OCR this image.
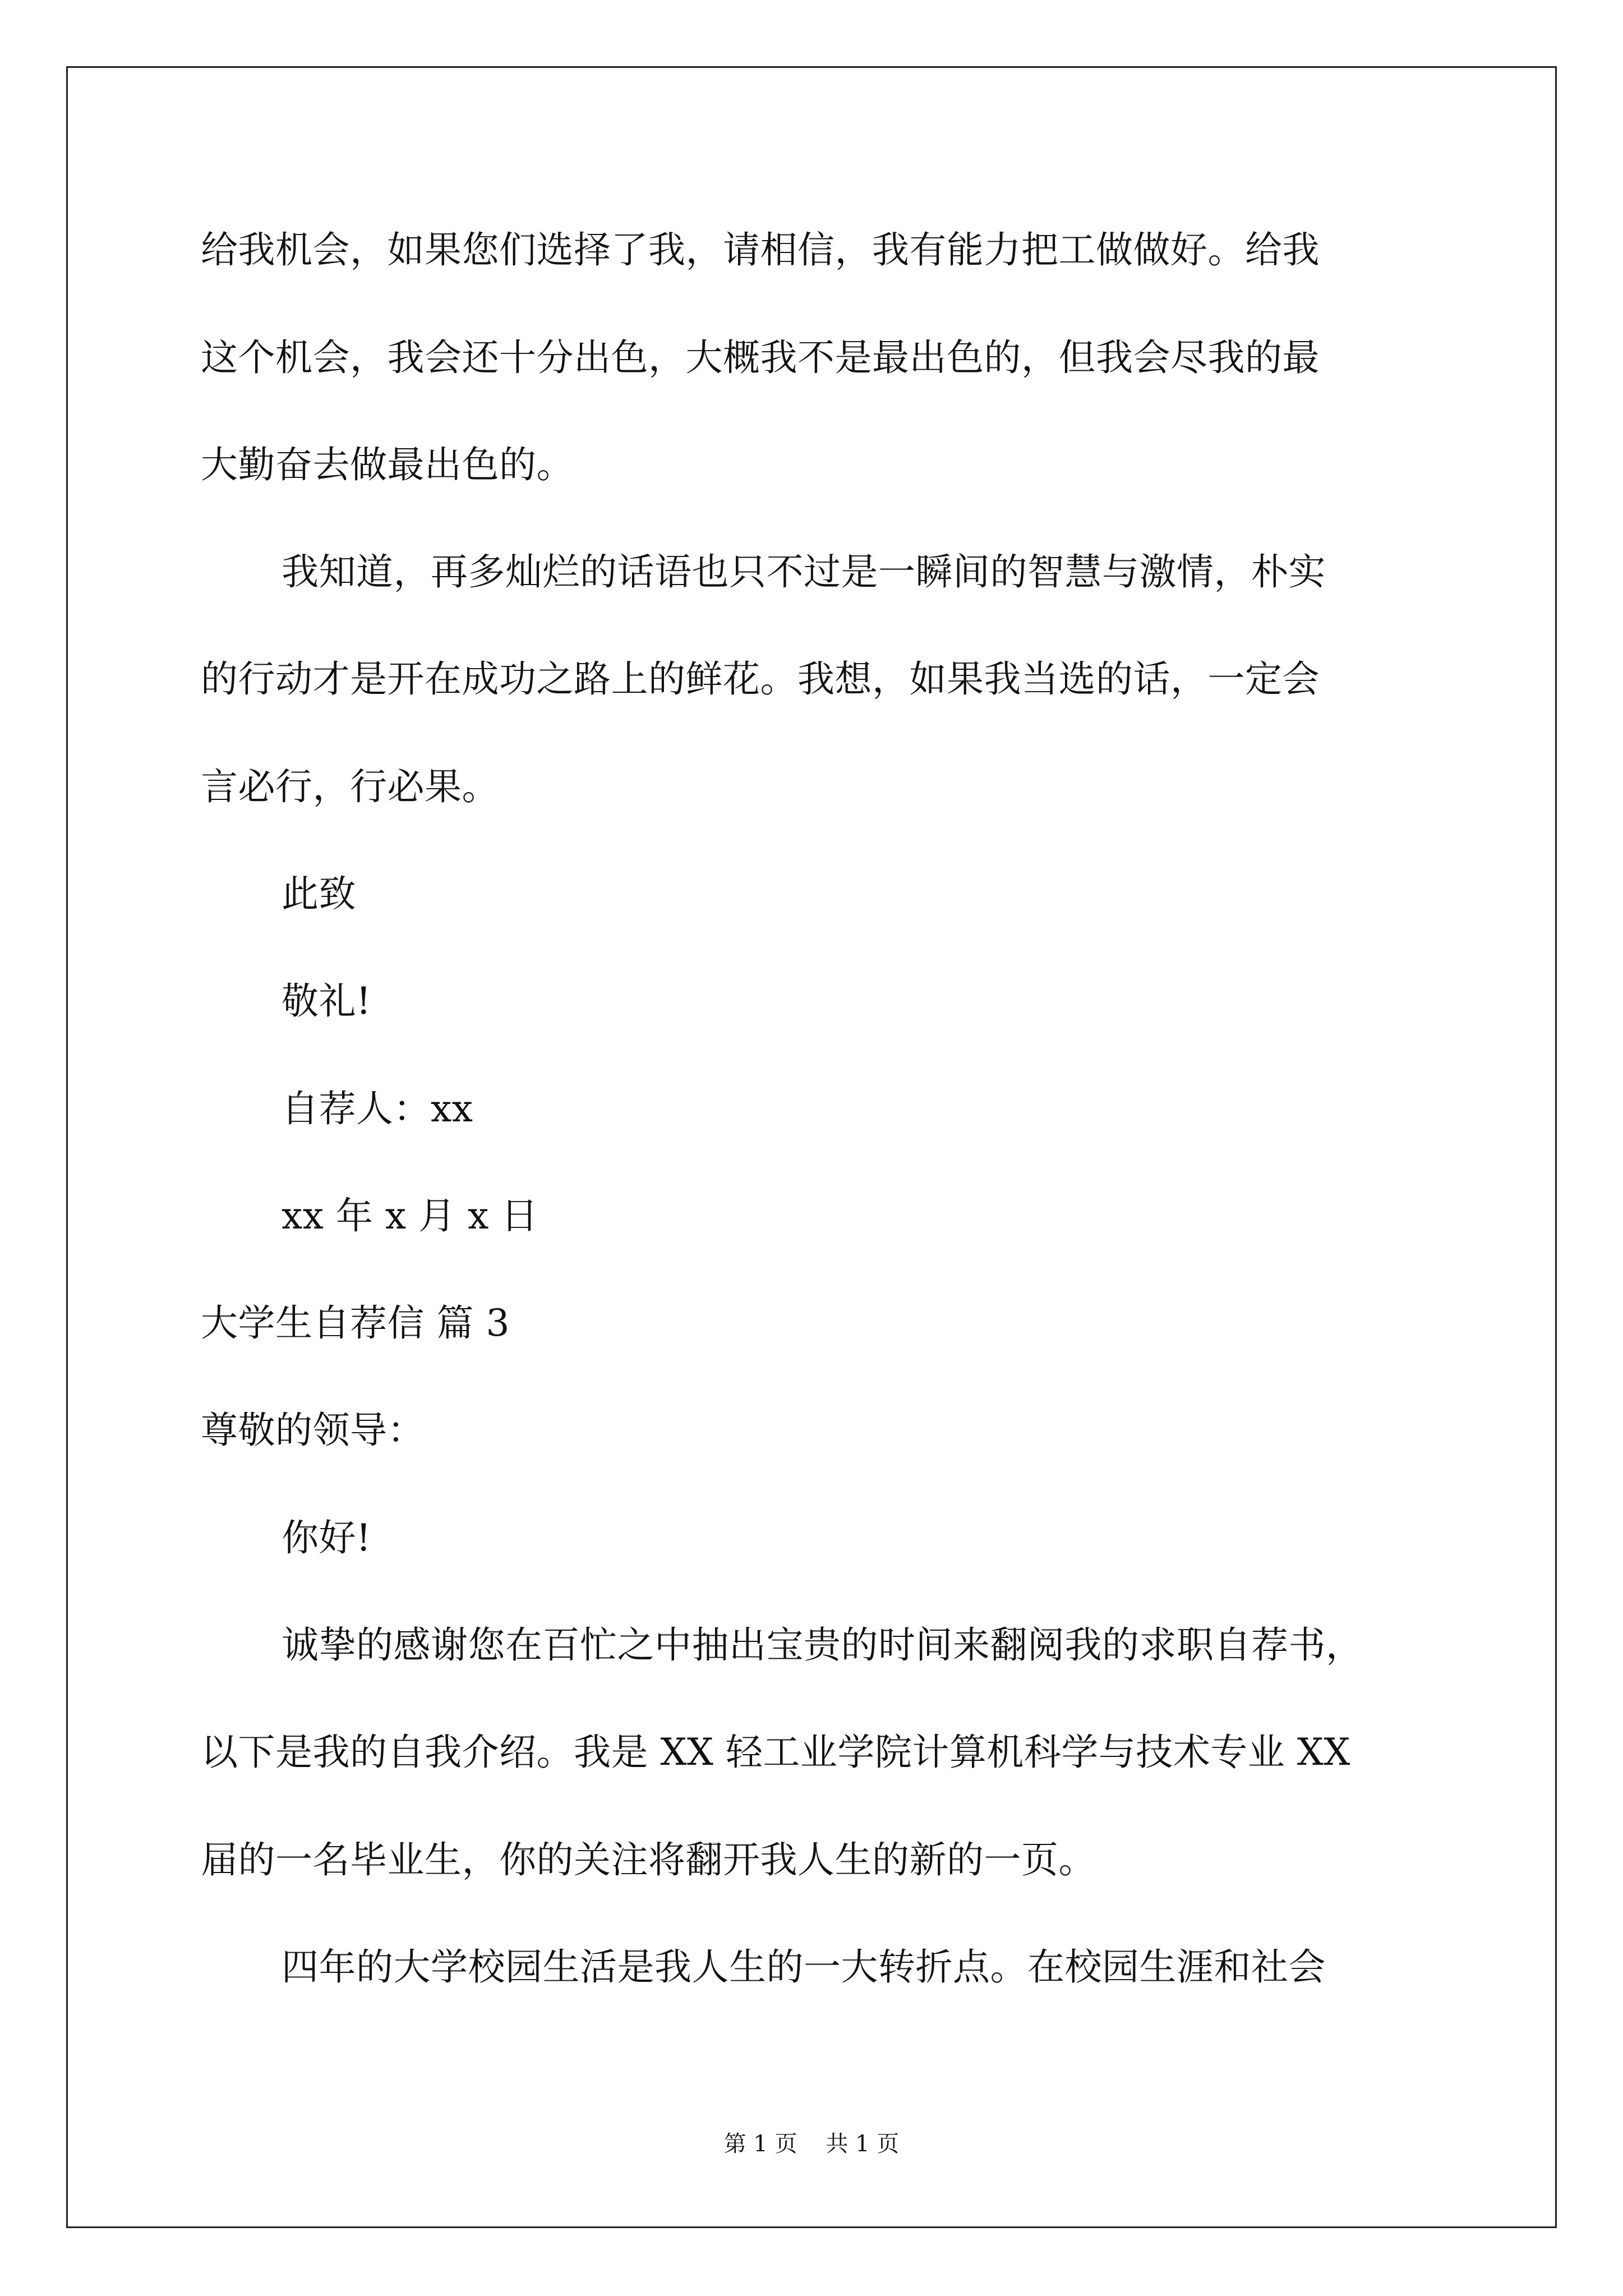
给我机会，如果您们选择了我，请相信，我有能力把工做做好。给我
这个机会，我会还十分出色，大概我不是最出色的，但我会尽我的最
大勤奋去做最出色的。
我知道，再多灿烂的话语也只不过是一瞬间的智慧与激情，朴实
的行动才是开在成功之路上的鲜花。我想，如果我当选的话，一定会
言必行，行必果。
此致
敬礼!
自荐人：xx
xx 年 x 月 x 日
大学生自荐信 篇 3
尊敬的领导：
你好!
诚挚的感谢您在百忙之中抽出宝贵的时间来翻阅我的求职自荐书，
以下是我的自我介绍。我是 XX 轻工业学院计算机科学与技术专业 XX
届的一名毕业生，你的关注将翻开我人生的新的一页。
四年的大学校园生活是我人生的一大转折点。在校园生涯和社会
第 1 页    共 1 页
